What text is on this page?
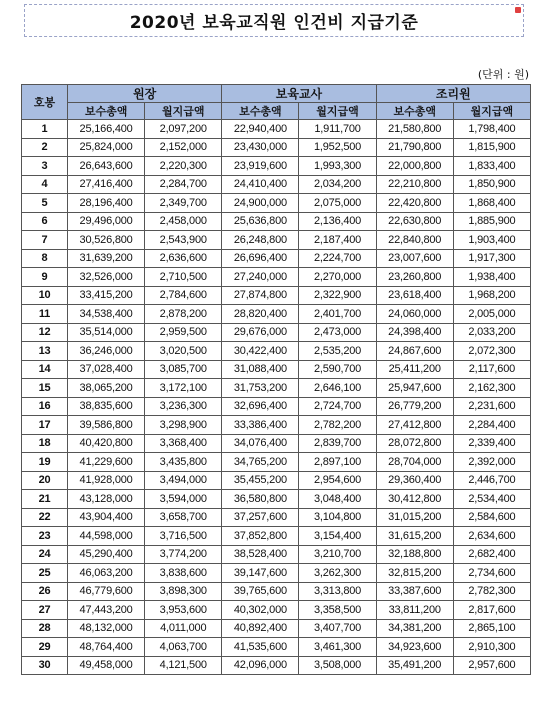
2020년 보육교직원 인건비 지급기준
(단위 : 원)
호봉	원장		보육교사		조리원	
	보수총액	월지급액	보수총액	월지급액	보수총액	월지급액
1	25,166,400	2,097,200	22,940,400	1,911,700	21,580,800	1,798,400
2	25,824,000	2,152,000	23,430,000	1,952,500	21,790,800	1,815,900
3	26,643,600	2,220,300	23,919,600	1,993,300	22,000,800	1,833,400
4	27,416,400	2,284,700	24,410,400	2,034,200	22,210,800	1,850,900
5	28,196,400	2,349,700	24,900,000	2,075,000	22,420,800	1,868,400
6	29,496,000	2,458,000	25,636,800	2,136,400	22,630,800	1,885,900
7	30,526,800	2,543,900	26,248,800	2,187,400	22,840,800	1,903,400
8	31,639,200	2,636,600	26,696,400	2,224,700	23,007,600	1,917,300
9	32,526,000	2,710,500	27,240,000	2,270,000	23,260,800	1,938,400
10	33,415,200	2,784,600	27,874,800	2,322,900	23,618,400	1,968,200
11	34,538,400	2,878,200	28,820,400	2,401,700	24,060,000	2,005,000
12	35,514,000	2,959,500	29,676,000	2,473,000	24,398,400	2,033,200
13	36,246,000	3,020,500	30,422,400	2,535,200	24,867,600	2,072,300
14	37,028,400	3,085,700	31,088,400	2,590,700	25,411,200	2,117,600
15	38,065,200	3,172,100	31,753,200	2,646,100	25,947,600	2,162,300
16	38,835,600	3,236,300	32,696,400	2,724,700	26,779,200	2,231,600
17	39,586,800	3,298,900	33,386,400	2,782,200	27,412,800	2,284,400
18	40,420,800	3,368,400	34,076,400	2,839,700	28,072,800	2,339,400
19	41,229,600	3,435,800	34,765,200	2,897,100	28,704,000	2,392,000
20	41,928,000	3,494,000	35,455,200	2,954,600	29,360,400	2,446,700
21	43,128,000	3,594,000	36,580,800	3,048,400	30,412,800	2,534,400
22	43,904,400	3,658,700	37,257,600	3,104,800	31,015,200	2,584,600
23	44,598,000	3,716,500	37,852,800	3,154,400	31,615,200	2,634,600
24	45,290,400	3,774,200	38,528,400	3,210,700	32,188,800	2,682,400
25	46,063,200	3,838,600	39,147,600	3,262,300	32,815,200	2,734,600
26	46,779,600	3,898,300	39,765,600	3,313,800	33,387,600	2,782,300
27	47,443,200	3,953,600	40,302,000	3,358,500	33,811,200	2,817,600
28	48,132,000	4,011,000	40,892,400	3,407,700	34,381,200	2,865,100
29	48,764,400	4,063,700	41,535,600	3,461,300	34,923,600	2,910,300
30	49,458,000	4,121,500	42,096,000	3,508,000	35,491,200	2,957,600
